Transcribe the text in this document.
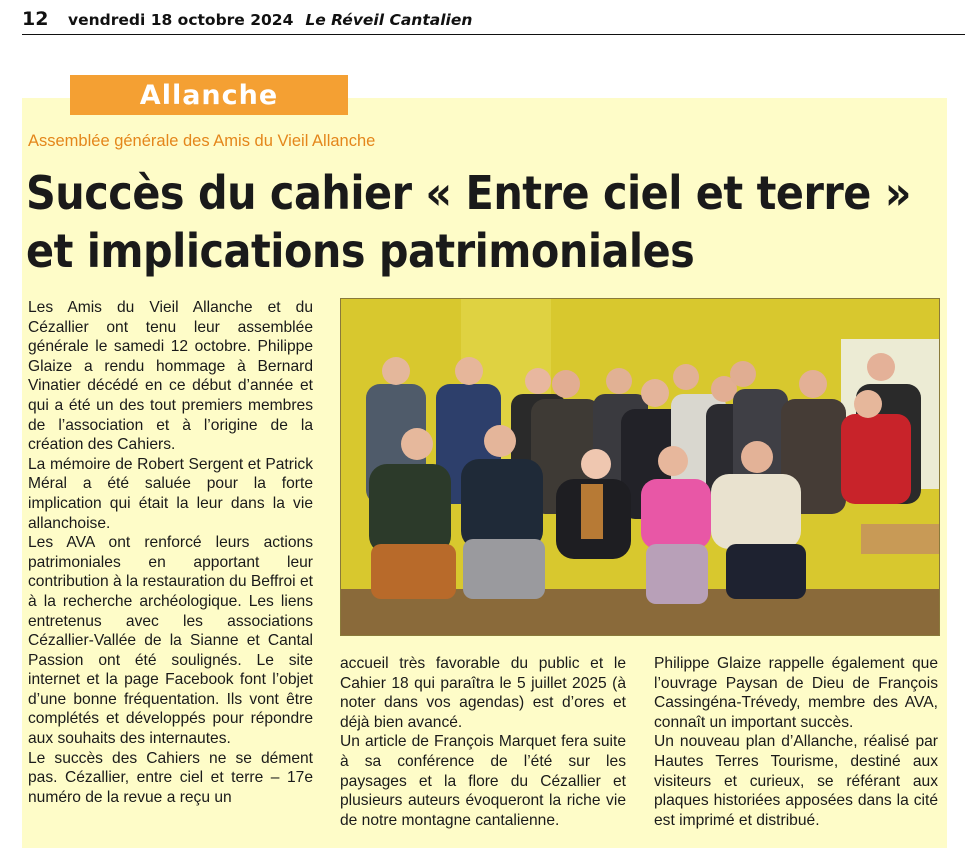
12	vendredi 18 octobre 2024 Le Réveil Cantalien
Allanche
Assemblée générale des Amis du Vieil Allanche
Succès du cahier « Entre ciel et terre »
et implications patrimoniales

Les Amis du Vieil Allanche et du Cézallier ont tenu leur assemblée générale le samedi 12 octobre. Philippe Glaize a rendu hommage à Bernard Vinatier décédé en ce début d’année et qui a été un des tout premiers membres de l’association et à l’origine de la création des Cahiers.

La mémoire de Robert Sergent et Patrick Méral a été saluée pour la forte implication qui était la leur dans la vie allanchoise.

Les AVA ont renforcé leurs actions patrimoniales en apportant leur contribution à la restauration du Beffroi et à la recherche archéologique. Les liens entretenus avec les associations Cézallier-Vallée de la Sianne et Cantal Passion ont été soulignés. Le site internet et la page Facebook font l’objet d’une bonne fréquentation. Ils vont être complétés et développés pour répondre aux souhaits des internautes.

Le succès des Cahiers ne se dément pas. Cézallier, entre ciel et terre – 17e numéro de la revue a reçu un

accueil très favorable du public et le Cahier 18 qui paraîtra le 5 juillet 2025 (à noter dans vos agendas) est d’ores et déjà bien avancé.

Un article de François Marquet fera suite à sa conférence de l’été sur les paysages et la flore du Cézallier et plusieurs auteurs évoqueront la riche vie de notre montagne cantalienne.

Philippe Glaize rappelle également que l’ouvrage Paysan de Dieu de François Cassingéna-Trévedy, membre des AVA, connaît un important succès.

Un nouveau plan d’Allanche, réalisé par Hautes Terres Tourisme, destiné aux visiteurs et curieux, se référant aux plaques historiées apposées dans la cité est imprimé et distribué.
